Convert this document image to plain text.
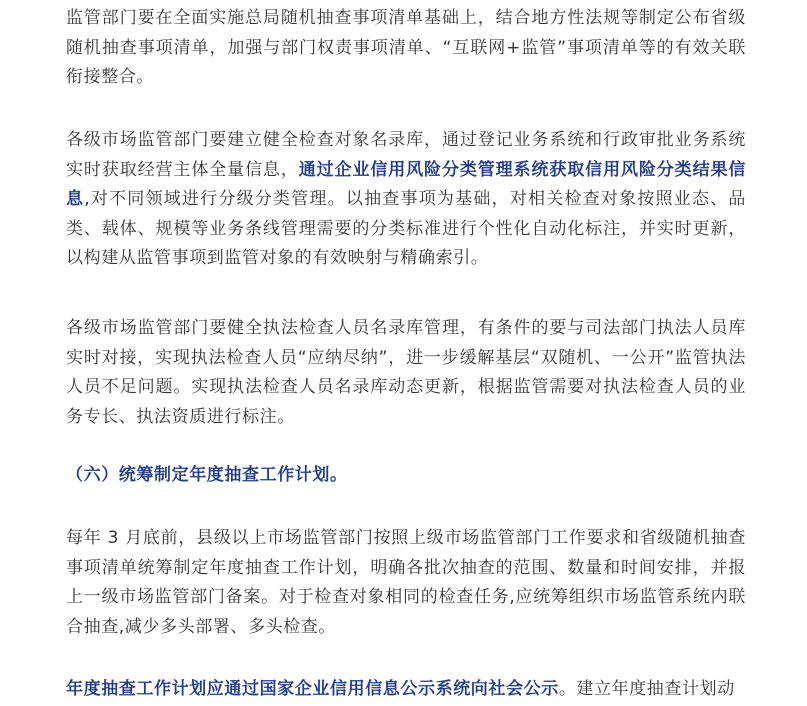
监管部门要在全面实施总局随机抽查事项清单基础上，结合地方性法规等制定公布省级随机抽查事项清单，加强与部门权责事项清单、“互联网+监管”事项清单等的有效关联衔接整合。

各级市场监管部门要建立健全检查对象名录库，通过登记业务系统和行政审批业务系统实时获取经营主体全量信息，通过企业信用风险分类管理系统获取信用风险分类结果信息,对不同领域进行分级分类管理。以抽查事项为基础，对相关检查对象按照业态、品类、载体、规模等业务条线管理需要的分类标准进行个性化自动化标注，并实时更新，以构建从监管事项到监管对象的有效映射与精确索引。

各级市场监管部门要健全执法检查人员名录库管理，有条件的要与司法部门执法人员库实时对接，实现执法检查人员“应纳尽纳”，进一步缓解基层“双随机、一公开”监管执法人员不足问题。实现执法检查人员名录库动态更新，根据监管需要对执法检查人员的业务专长、执法资质进行标注。

（六）统筹制定年度抽查工作计划。

每年 3 月底前，县级以上市场监管部门按照上级市场监管部门工作要求和省级随机抽查事项清单统筹制定年度抽查工作计划，明确各批次抽查的范围、数量和时间安排，并报上一级市场监管部门备案。对于检查对象相同的检查任务,应统筹组织市场监管系统内联合抽查,减少多头部署、多头检查。

年度抽查工作计划应通过国家企业信用信息公示系统向社会公示。建立年度抽查计划动
